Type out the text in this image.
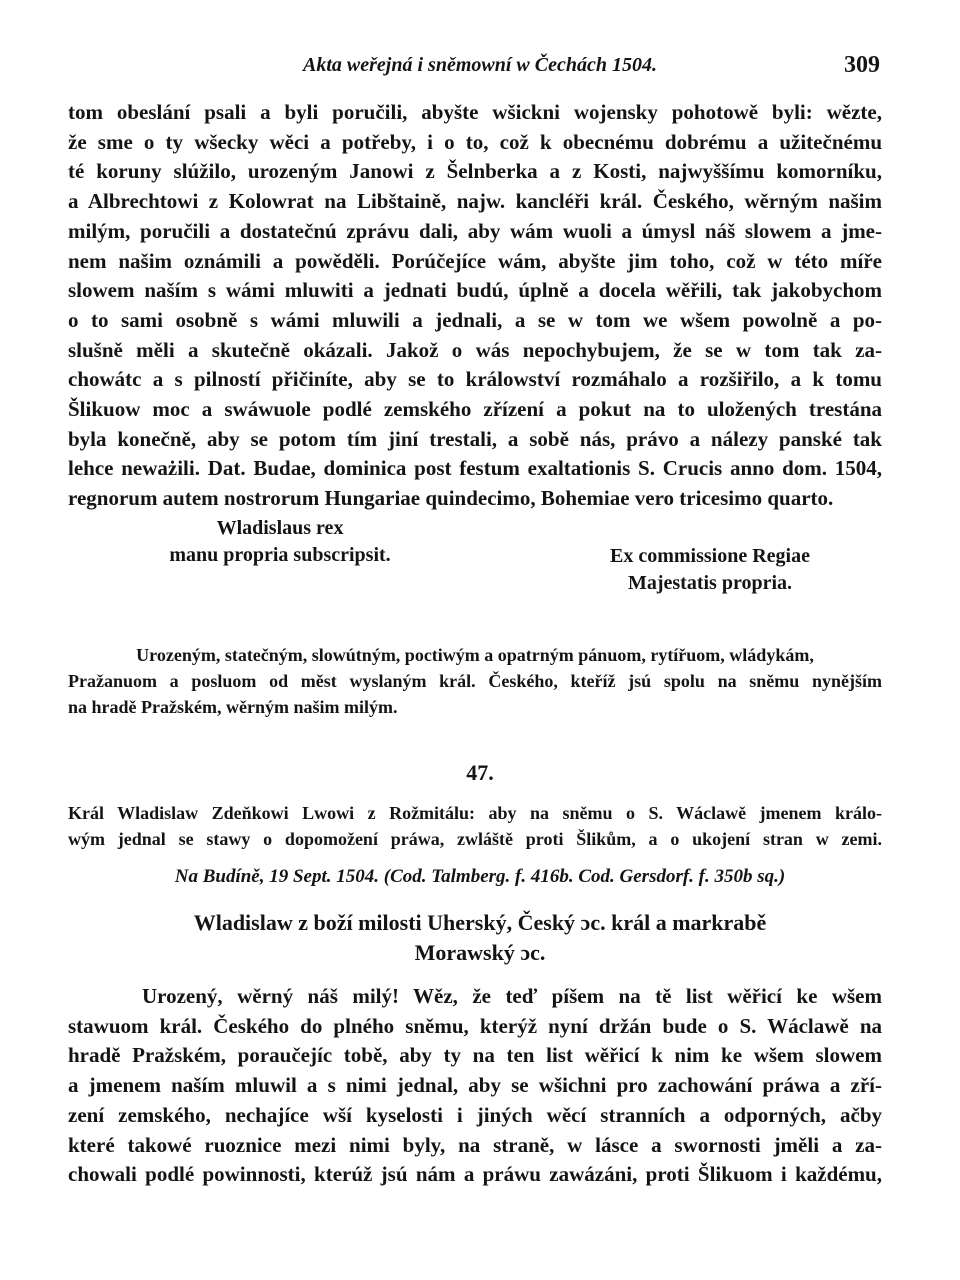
Akta weřejná i sněmowní w Čechách 1504.	309

tom obeslání psali a byli poručili, abyšte wšickni wojensky pohotowě byli: wězte,
že sme o ty wšecky wěci a potřeby, i o to, což k obecnému dobrému a užitečnému
té koruny slúžilo, urozeným Janowi z Šelnberka a z Kosti, najwyššímu komorníku,
a Albrechtowi z Kolowrat na Libštaině, najw. kancléři král. Českého, wěrným našim
milým, poručili a dostatečnú zprávu dali, aby wám wuoli a úmysl náš slowem a jme-
nem našim oznámili a powěděli. Porúčejíce wám, abyšte jim toho, což w této míře
slowem naším s wámi mluwiti a jednati budú, úplně a docela wěřili, tak jakobychom
o to sami osobně s wámi mluwili a jednali, a se w tom we wšem powolně a po-
slušně měli a skutečně okázali. Jakož o wás nepochybujem, že se w tom tak za-
chowátc a s pilností přičiníte, aby se to králowství rozmáhalo a rozšiřilo, a k tomu
Šlikuow moc a swáwuole podlé zemského zřízení a pokut na to uložených trestána
byla konečně, aby se potom tím jiní trestali, a sobě nás, právo a nálezy panské tak
lehce neważili. Dat. Budae, dominica post festum exaltationis S. Crucis anno dom. 1504,
regnorum autem nostrorum Hungariae quindecimo, Bohemiae vero tricesimo quarto.

Wladislaus rex
manu propria subscripsit.	Ex commissione Regiae
Majestatis propria.

Urozeným, statečným, slowútným, poctiwým a opatrným pánuom, rytířuom, wládykám,
Pražanuom a posluom od měst wyslaným král. Českého, kteříž jsú spolu na sněmu nynějším
na hradě Pražském, wěrným našim milým.

47.

Král Wladislaw Zdeňkowi Lwowi z Rožmitálu: aby na sněmu o S. Wáclawě jmenem králo-
wým jednal se stawy o dopomožení práwa, zwláště proti Šlikům, a o ukojení stran w zemi.

Na Budíně, 19 Sept. 1504. (Cod. Talmberg. f. 416b. Cod. Gersdorf. f. 350b sq.)
Wladislaw z boží milosti Uherský, Český ɔc. král a markrabě
Morawský ɔc.

Urozený, wěrný náš milý! Wěz, že teď píšem na tě list wěřicí ke wšem
stawuom král. Českého do plného sněmu, kterýž nyní držán bude o S. Wáclawě na
hradě Pražském, poraučejíc tobě, aby ty na ten list wěřicí k nim ke wšem slowem
a jmenem naším mluwil a s nimi jednal, aby se wšichni pro zachowání práwa a zří-
zení zemského, nechajíce wší kyselosti i jiných wěcí stranních a odporných, ačby
které takowé ruoznice mezi nimi byly, na straně, w lásce a swornosti jměli a za-
chowali podlé powinnosti, kterúž jsú nám a práwu zawázáni, proti Šlikuom i každému,
